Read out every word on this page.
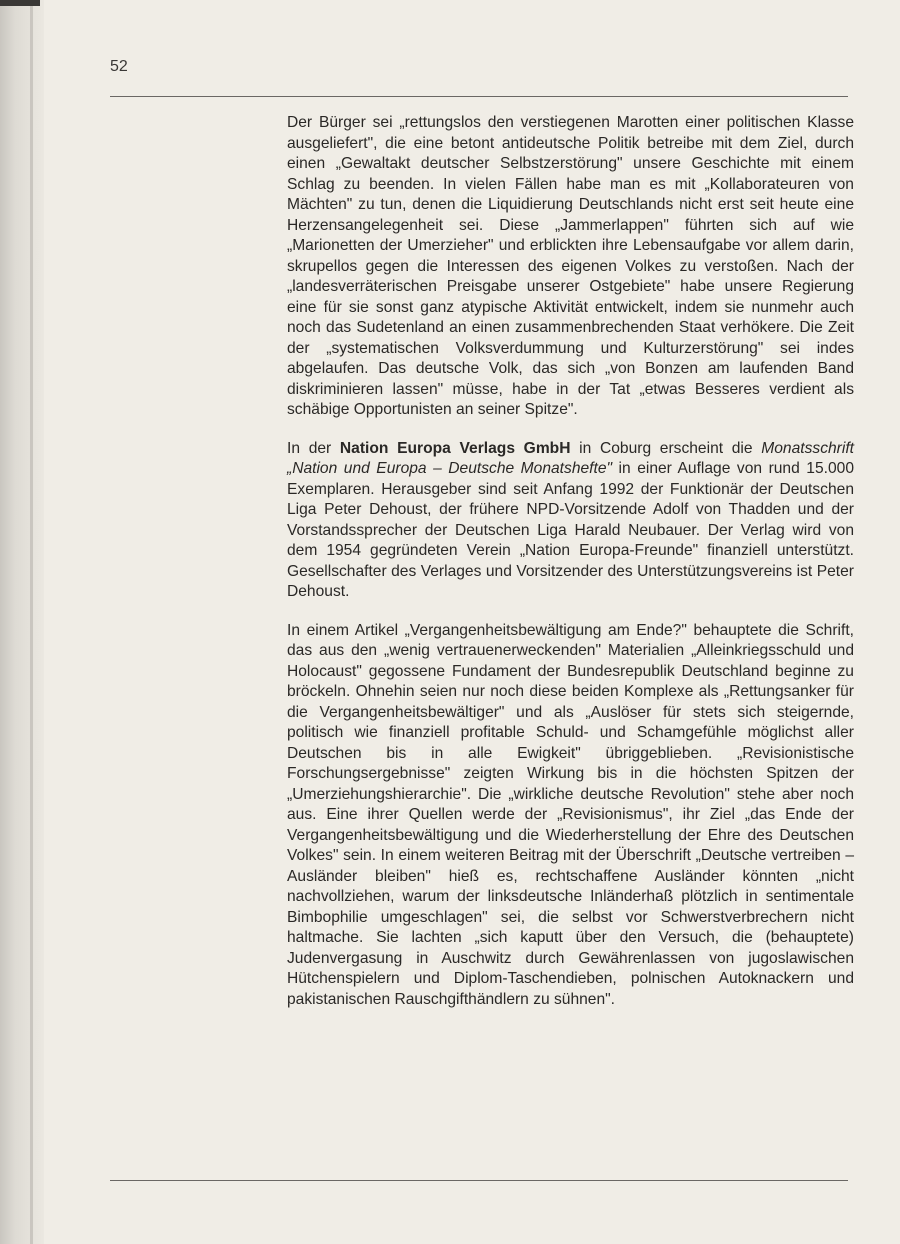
52

Der Bürger sei „rettungslos den verstiegenen Marotten einer politischen Klasse ausgeliefert", die eine betont antideutsche Politik betreibe mit dem Ziel, durch einen „Gewaltakt deutscher Selbstzerstörung" unsere Geschichte mit einem Schlag zu beenden. In vielen Fällen habe man es mit „Kollaborateuren von Mächten" zu tun, denen die Liquidierung Deutschlands nicht erst seit heute eine Herzensangelegenheit sei. Diese „Jammerlappen" führten sich auf wie „Marionetten der Umerzieher" und erblickten ihre Lebensaufgabe vor allem darin, skrupellos gegen die Interessen des eigenen Volkes zu verstoßen. Nach der „landesverräterischen Preisgabe unserer Ostgebiete" habe unsere Regierung eine für sie sonst ganz atypische Aktivität entwickelt, indem sie nunmehr auch noch das Sudetenland an einen zusammenbrechenden Staat verhökere. Die Zeit der „systematischen Volksverdummung und Kulturzerstörung" sei indes abgelaufen. Das deutsche Volk, das sich „von Bonzen am laufenden Band diskriminieren lassen" müsse, habe in der Tat „etwas Besseres verdient als schäbige Opportunisten an seiner Spitze".

In der Nation Europa Verlags GmbH in Coburg erscheint die Monatsschrift „Nation und Europa – Deutsche Monatshefte" in einer Auflage von rund 15.000 Exemplaren. Herausgeber sind seit Anfang 1992 der Funktionär der Deutschen Liga Peter Dehoust, der frühere NPD-Vorsitzende Adolf von Thadden und der Vorstandssprecher der Deutschen Liga Harald Neubauer. Der Verlag wird von dem 1954 gegründeten Verein „Nation Europa-Freunde" finanziell unterstützt. Gesellschafter des Verlages und Vorsitzender des Unterstützungsvereins ist Peter Dehoust.

In einem Artikel „Vergangenheitsbewältigung am Ende?" behauptete die Schrift, das aus den „wenig vertrauenerweckenden" Materialien „Alleinkriegsschuld und Holocaust" gegossene Fundament der Bundesrepublik Deutschland beginne zu bröckeln. Ohnehin seien nur noch diese beiden Komplexe als „Rettungsanker für die Vergangenheitsbewältiger" und als „Auslöser für stets sich steigernde, politisch wie finanziell profitable Schuld- und Schamgefühle möglichst aller Deutschen bis in alle Ewigkeit" übriggeblieben. „Revisionistische Forschungsergebnisse" zeigten Wirkung bis in die höchsten Spitzen der „Umerziehungshierarchie". Die „wirkliche deutsche Revolution" stehe aber noch aus. Eine ihrer Quellen werde der „Revisionismus", ihr Ziel „das Ende der Vergangenheitsbewältigung und die Wiederherstellung der Ehre des Deutschen Volkes" sein. In einem weiteren Beitrag mit der Überschrift „Deutsche vertreiben – Ausländer bleiben" hieß es, rechtschaffene Ausländer könnten „nicht nachvollziehen, warum der linksdeutsche Inländerhaß plötzlich in sentimentale Bimbophilie umgeschlagen" sei, die selbst vor Schwerstverbrechern nicht haltmache. Sie lachten „sich kaputt über den Versuch, die (behauptete) Judenvergasung in Auschwitz durch Gewährenlassen von jugoslawischen Hütchenspielern und Diplom-Taschendieben, polnischen Autoknackern und pakistanischen Rauschgifthändlern zu sühnen".
